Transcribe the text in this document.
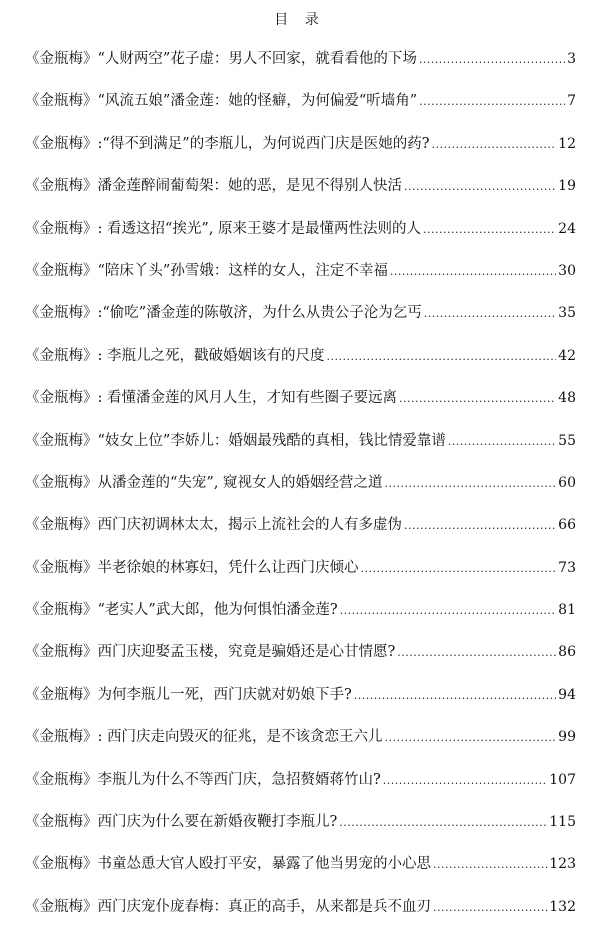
目 录
《金瓶梅》“人财两空”花子虚：男人不回家，就看看他的下场 .....	3
《金瓶梅》“风流五娘”潘金莲：她的怪癖，为何偏爱“听墙角” .....	7
《金瓶梅》:“得不到满足”的李瓶儿，为何说西门庆是医她的药? .....	12
《金瓶梅》潘金莲醉闹葡萄架：她的恶，是见不得别人快活 .....	19
《金瓶梅》: 看透这招“挨光”, 原来王婆才是最懂两性法则的人 .....	24
《金瓶梅》“陪床丫头”孙雪娥：这样的女人，注定不幸福 .....	30
《金瓶梅》:“偷吃”潘金莲的陈敬济，为什么从贵公子沦为乞丐 .....	35
《金瓶梅》: 李瓶儿之死，戳破婚姻该有的尺度 .....	42
《金瓶梅》: 看懂潘金莲的风月人生，才知有些圈子要远离 .....	48
《金瓶梅》“妓女上位”李娇儿：婚姻最残酷的真相，钱比情爱靠谱 .....	55
《金瓶梅》从潘金莲的“失宠”, 窥视女人的婚姻经营之道 .....	60
《金瓶梅》西门庆初调林太太，揭示上流社会的人有多虚伪 .....	66
《金瓶梅》半老徐娘的林寡妇，凭什么让西门庆倾心 .....	73
《金瓶梅》“老实人”武大郎，他为何惧怕潘金莲? .....	81
《金瓶梅》西门庆迎娶孟玉楼，究竟是骗婚还是心甘情愿? .....	86
《金瓶梅》为何李瓶儿一死，西门庆就对奶娘下手? .....	94
《金瓶梅》: 西门庆走向毁灭的征兆，是不该贪恋王六儿 .....	99
《金瓶梅》李瓶儿为什么不等西门庆，急招赘婿蒋竹山? .....	107
《金瓶梅》西门庆为什么要在新婚夜鞭打李瓶儿? .....	115
《金瓶梅》书童怂恿大官人殴打平安，暴露了他当男宠的小心思 .....	123
《金瓶梅》西门庆宠仆庞春梅：真正的高手，从来都是兵不血刃 .....	132
